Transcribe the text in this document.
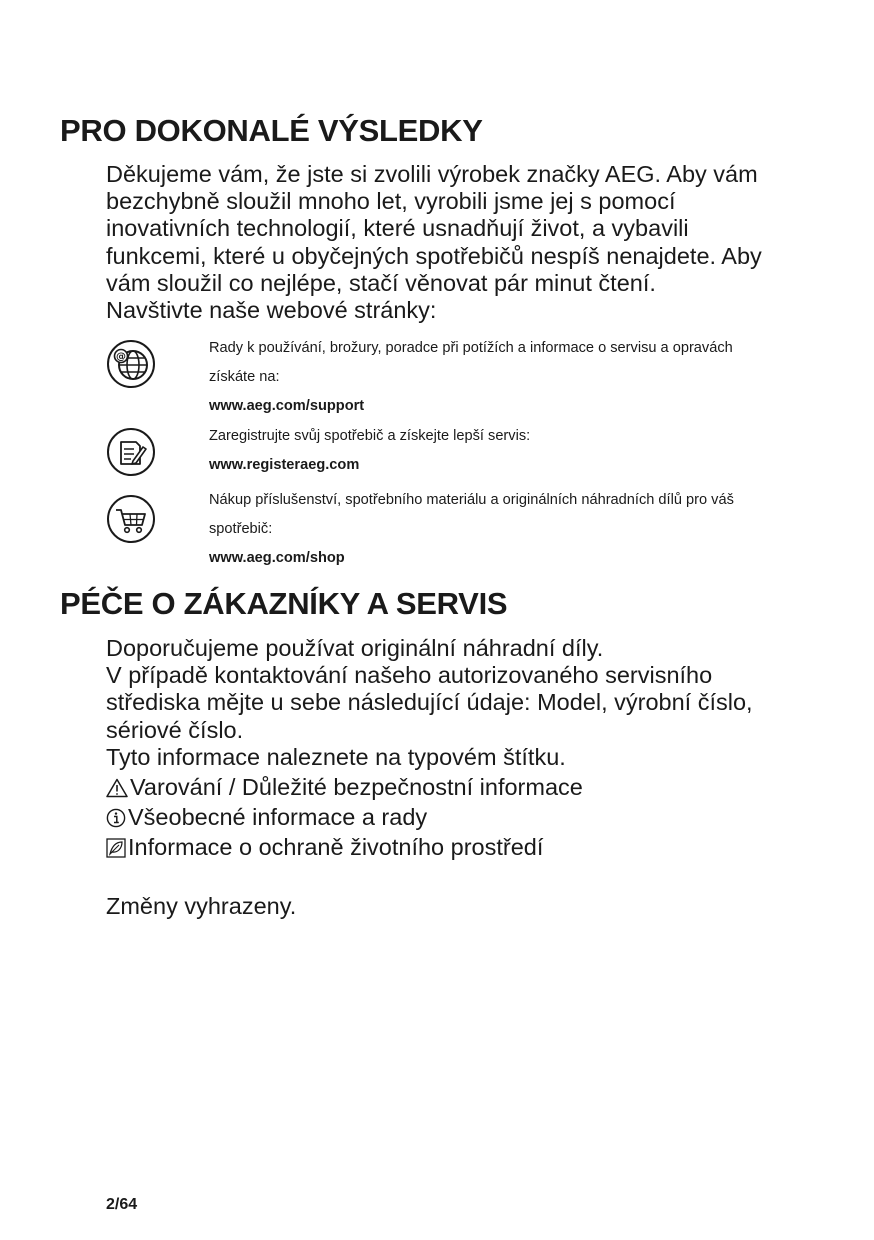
PRO DOKONALÉ VÝSLEDKY
Děkujeme vám, že jste si zvolili výrobek značky AEG. Aby vám
bezchybně sloužil mnoho let, vyrobili jsme jej s pomocí
inovativních technologií, které usnadňují život, a vybavili
funkcemi, které u obyčejných spotřebičů nespíš nenajdete. Aby
vám sloužil co nejlépe, stačí věnovat pár minut čtení.
Navštivte naše webové stránky:
@
Rady k používání, brožury, poradce při potížích a informace o servisu a opravách
získáte na:
www.aeg.com/support
Zaregistrujte svůj spotřebič a získejte lepší servis:
www.registeraeg.com
Nákup příslušenství, spotřebního materiálu a originálních náhradních dílů pro váš
spotřebič:
www.aeg.com/shop
PÉČE O ZÁKAZNÍKY A SERVIS
Doporučujeme používat originální náhradní díly.
V případě kontaktování našeho autorizovaného servisního
střediska mějte u sebe následující údaje: Model, výrobní číslo,
sériové číslo.
Tyto informace naleznete na typovém štítku.
Varování / Důležité bezpečnostní informace
Všeobecné informace a rady
Informace o ochraně životního prostředí
Změny vyhrazeny.
2/64
